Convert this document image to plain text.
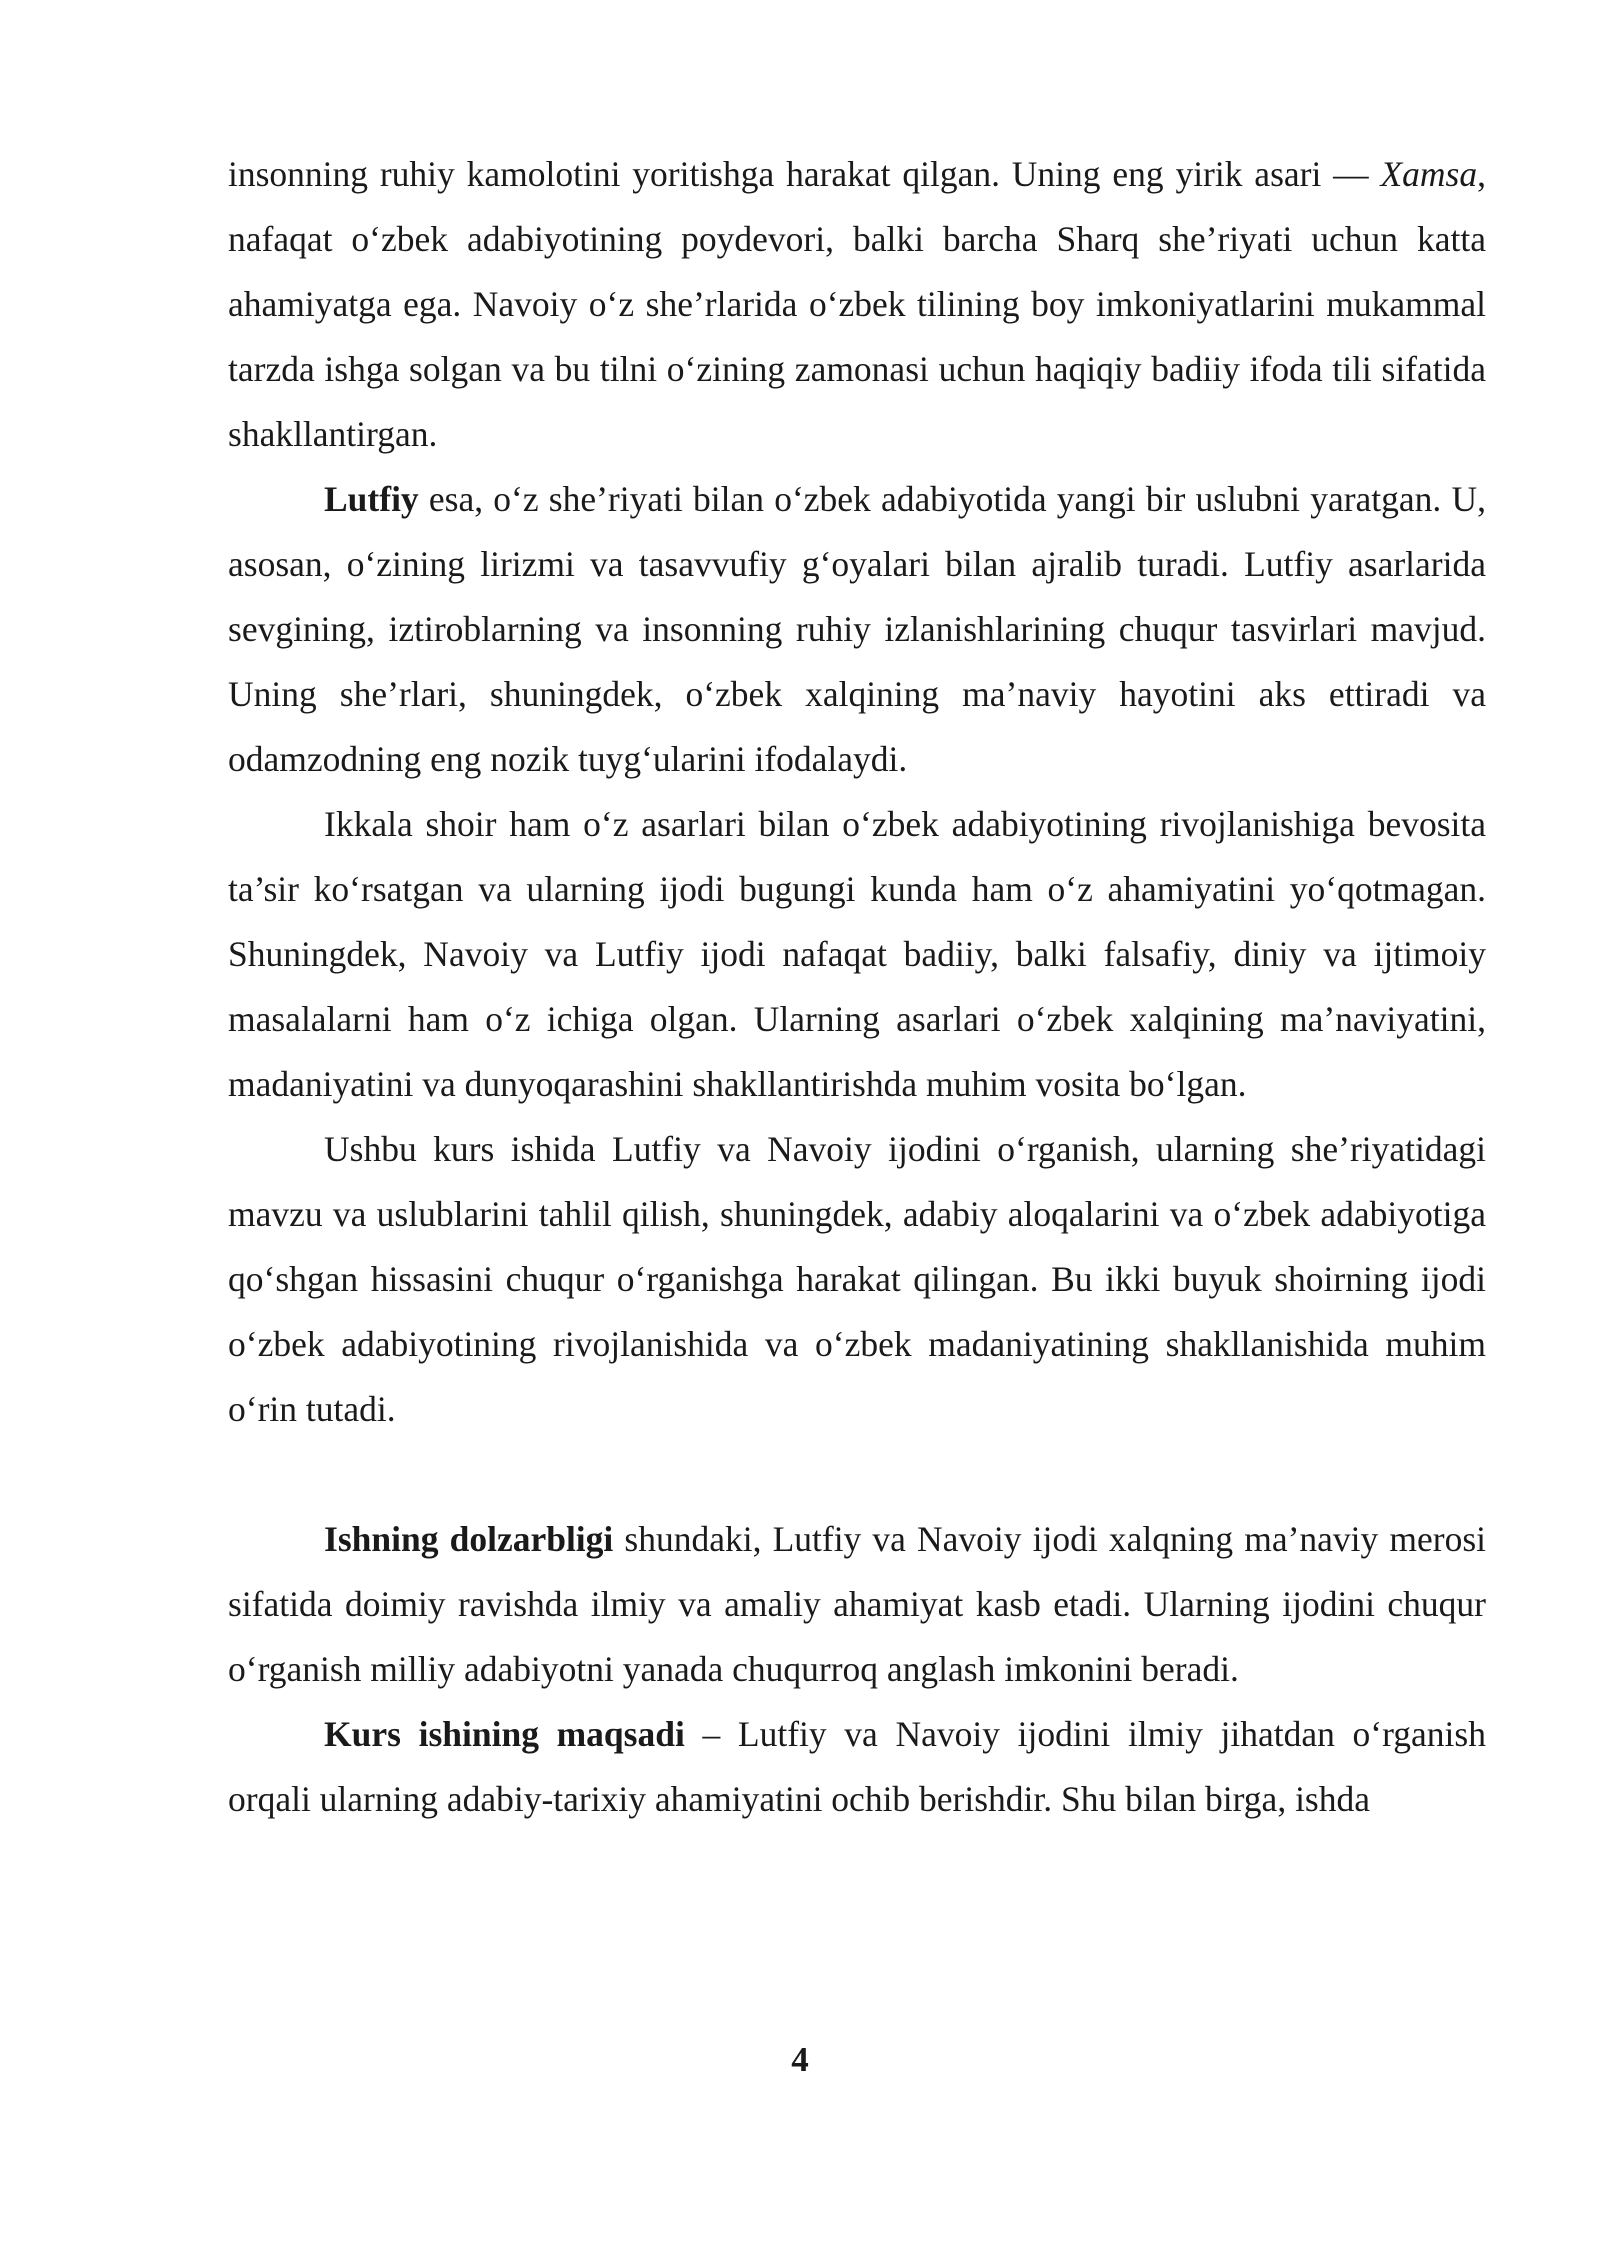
insonning ruhiy kamolotini yoritishga harakat qilgan. Uning eng yirik asari — Xamsa, nafaqat o‘zbek adabiyotining poydevori, balki barcha Sharq she’riyati uchun katta ahamiyatga ega. Navoiy o‘z she’rlarida o‘zbek tilining boy imkoniyatlarini mukammal tarzda ishga solgan va bu tilni o‘zining zamonasi uchun haqiqiy badiiy ifoda tili sifatida shakllantirgan.

Lutfiy esa, o‘z she’riyati bilan o‘zbek adabiyotida yangi bir uslubni yaratgan. U, asosan, o‘zining lirizmi va tasavvufiy g‘oyalari bilan ajralib turadi. Lutfiy asarlarida sevgining, iztiroblarning va insonning ruhiy izlanishlarining chuqur tasvirlari mavjud. Uning she’rlari, shuningdek, o‘zbek xalqining ma’naviy hayotini aks ettiradi va odamzodning eng nozik tuyg‘ularini ifodalaydi.

Ikkala shoir ham o‘z asarlari bilan o‘zbek adabiyotining rivojlanishiga bevosita ta’sir ko‘rsatgan va ularning ijodi bugungi kunda ham o‘z ahamiyatini yo‘qotmagan. Shuningdek, Navoiy va Lutfiy ijodi nafaqat badiiy, balki falsafiy, diniy va ijtimoiy masalalarni ham o‘z ichiga olgan. Ularning asarlari o‘zbek xalqining ma’naviyatini, madaniyatini va dunyoqarashini shakllantirishda muhim vosita bo‘lgan.

Ushbu kurs ishida Lutfiy va Navoiy ijodini o‘rganish, ularning she’riyatidagi mavzu va uslublarini tahlil qilish, shuningdek, adabiy aloqalarini va o‘zbek adabiyotiga qo‘shgan hissasini chuqur o‘rganishga harakat qilingan. Bu ikki buyuk shoirning ijodi o‘zbek adabiyotining rivojlanishida va o‘zbek madaniyatining shakllanishida muhim o‘rin tutadi.

Ishning dolzarbligi shundaki, Lutfiy va Navoiy ijodi xalqning ma’naviy merosi sifatida doimiy ravishda ilmiy va amaliy ahamiyat kasb etadi. Ularning ijodini chuqur o‘rganish milliy adabiyotni yanada chuqurroq anglash imkonini beradi.

Kurs ishining maqsadi – Lutfiy va Navoiy ijodini ilmiy jihatdan o‘rganish orqali ularning adabiy-tarixiy ahamiyatini ochib berishdir. Shu bilan birga, ishda

4
